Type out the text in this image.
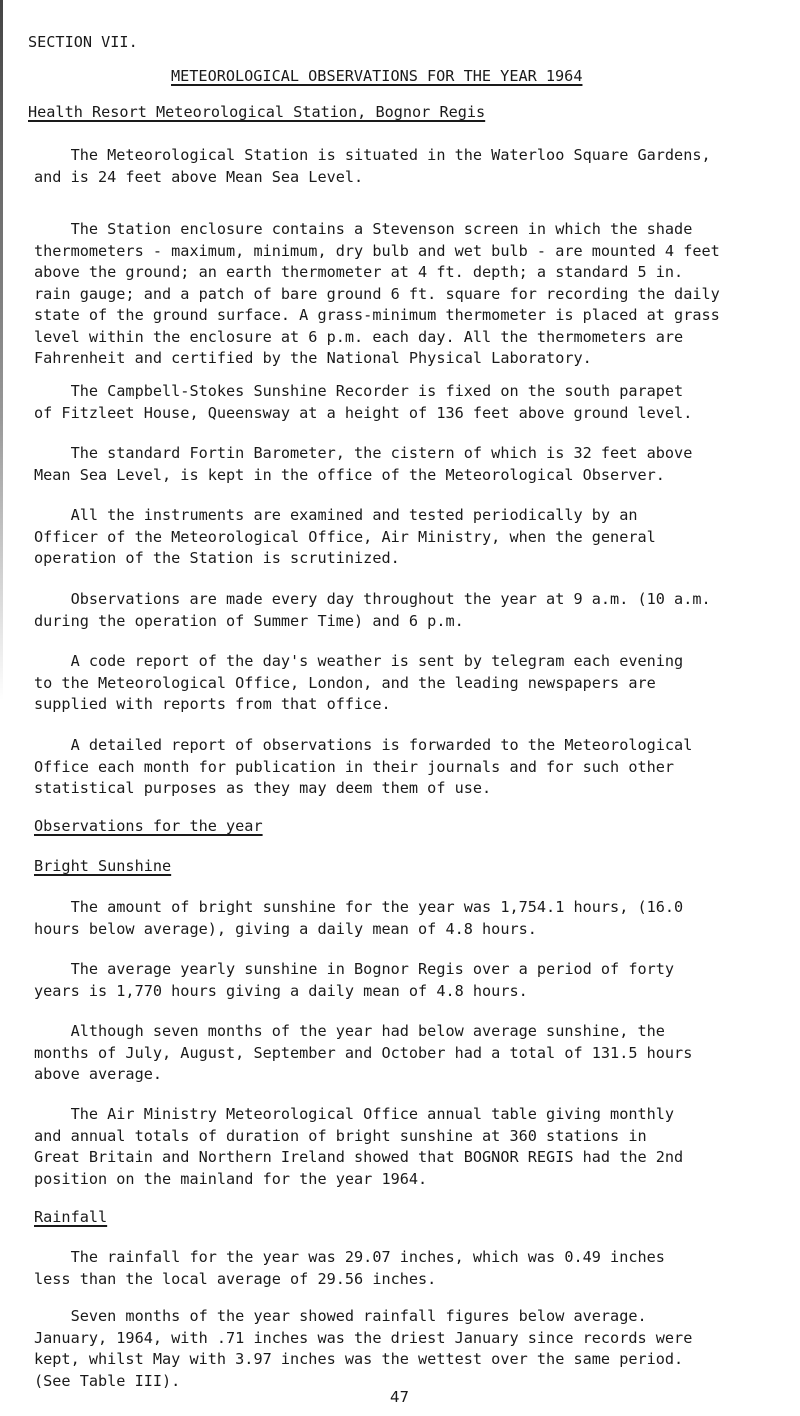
SECTION VII.
METEOROLOGICAL OBSERVATIONS FOR THE YEAR 1964
Health Resort Meteorological Station, Bognor Regis

The Meteorological Station is situated in the Waterloo Square Gardens,
and is 24 feet above Mean Sea Level.

The Station enclosure contains a Stevenson screen in which the shade
thermometers - maximum, minimum, dry bulb and wet bulb - are mounted 4 feet
above the ground; an earth thermometer at 4 ft. depth; a standard 5 in.
rain gauge; and a patch of bare ground 6 ft. square for recording the daily
state of the ground surface. A grass-minimum thermometer is placed at grass
level within the enclosure at 6 p.m. each day. All the thermometers are
Fahrenheit and certified by the National Physical Laboratory.

The Campbell-Stokes Sunshine Recorder is fixed on the south parapet
of Fitzleet House, Queensway at a height of 136 feet above ground level.

The standard Fortin Barometer, the cistern of which is 32 feet above
Mean Sea Level, is kept in the office of the Meteorological Observer.

All the instruments are examined and tested periodically by an
Officer of the Meteorological Office, Air Ministry, when the general
operation of the Station is scrutinized.

Observations are made every day throughout the year at 9 a.m. (10 a.m.
during the operation of Summer Time) and 6 p.m.

A code report of the day's weather is sent by telegram each evening
to the Meteorological Office, London, and the leading newspapers are
supplied with reports from that office.

A detailed report of observations is forwarded to the Meteorological
Office each month for publication in their journals and for such other
statistical purposes as they may deem them of use.

Observations for the year
Bright Sunshine

The amount of bright sunshine for the year was 1,754.1 hours, (16.0
hours below average), giving a daily mean of 4.8 hours.

The average yearly sunshine in Bognor Regis over a period of forty
years is 1,770 hours giving a daily mean of 4.8 hours.

Although seven months of the year had below average sunshine, the
months of July, August, September and October had a total of 131.5 hours
above average.

The Air Ministry Meteorological Office annual table giving monthly
and annual totals of duration of bright sunshine at 360 stations in
Great Britain and Northern Ireland showed that BOGNOR REGIS had the 2nd
position on the mainland for the year 1964.

Rainfall

The rainfall for the year was 29.07 inches, which was 0.49 inches
less than the local average of 29.56 inches.

Seven months of the year showed rainfall figures below average.
January, 1964, with .71 inches was the driest January since records were
kept, whilst May with 3.97 inches was the wettest over the same period.
(See Table III).

47
